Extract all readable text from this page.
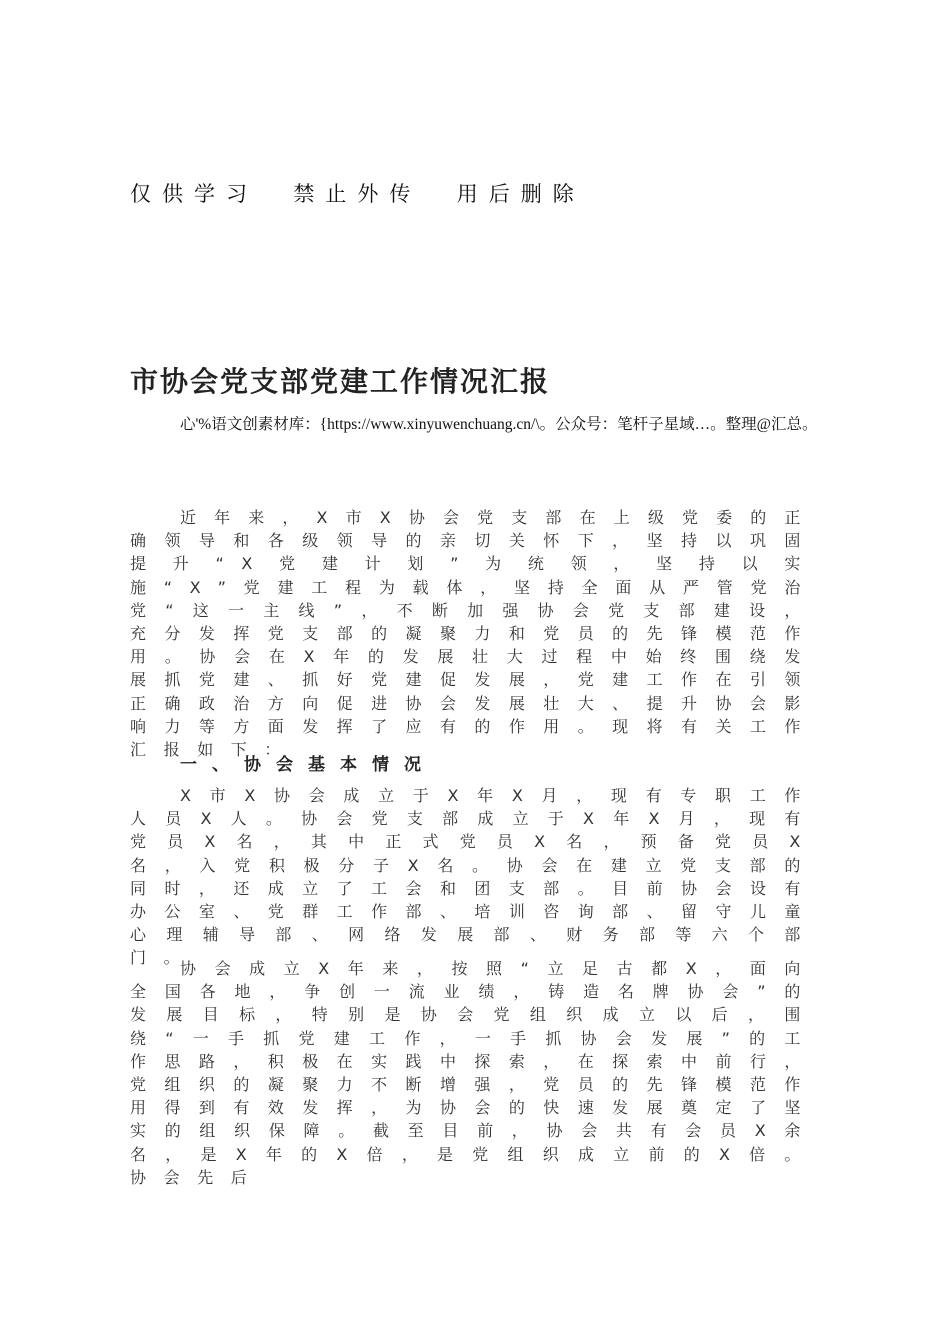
仅供学习  禁止外传  用后删除
市协会党支部党建工作情况汇报
心'%语文创素材库：{https://www.xinyuwenchuang.cn/\。公众号：笔杆子星域…。整理@汇总。
近年来，X市X协会党支部在上级党委的正确领导和各级领导的亲切关怀下，坚持以巩固提升“X党建计划”为统领，坚持以实施“X”党建工程为载体，坚持全面从严管党治党“这一主线”，不断加强协会党支部建设，充分发挥党支部的凝聚力和党员的先锋模范作用。协会在X年的发展壮大过程中始终围绕发展抓党建、抓好党建促发展，党建工作在引领正确政治方向促进协会发展壮大、提升协会影响力等方面发挥了应有的作用。现将有关工作汇报如下：
一、协会基本情况
X市X协会成立于X年X月，现有专职工作人员X人。协会党支部成立于X年X月，现有党员X名，其中正式党员X名，预备党员X名，入党积极分子X名。协会在建立党支部的同时，还成立了工会和团支部。目前协会设有办公室、党群工作部、培训咨询部、留守儿童心理辅导部、网络发展部、财务部等六个部门。
协会成立X年来，按照“立足古都X，面向全国各地，争创一流业绩，铸造名牌协会”的发展目标，特别是协会党组织成立以后，围绕“一手抓党建工作，一手抓协会发展”的工作思路，积极在实践中探索，在探索中前行，党组织的凝聚力不断增强，党员的先锋模范作用得到有效发挥，为协会的快速发展奠定了坚实的组织保障。截至目前，协会共有会员X余名，是X年的X倍，是党组织成立前的X倍。协会先后
